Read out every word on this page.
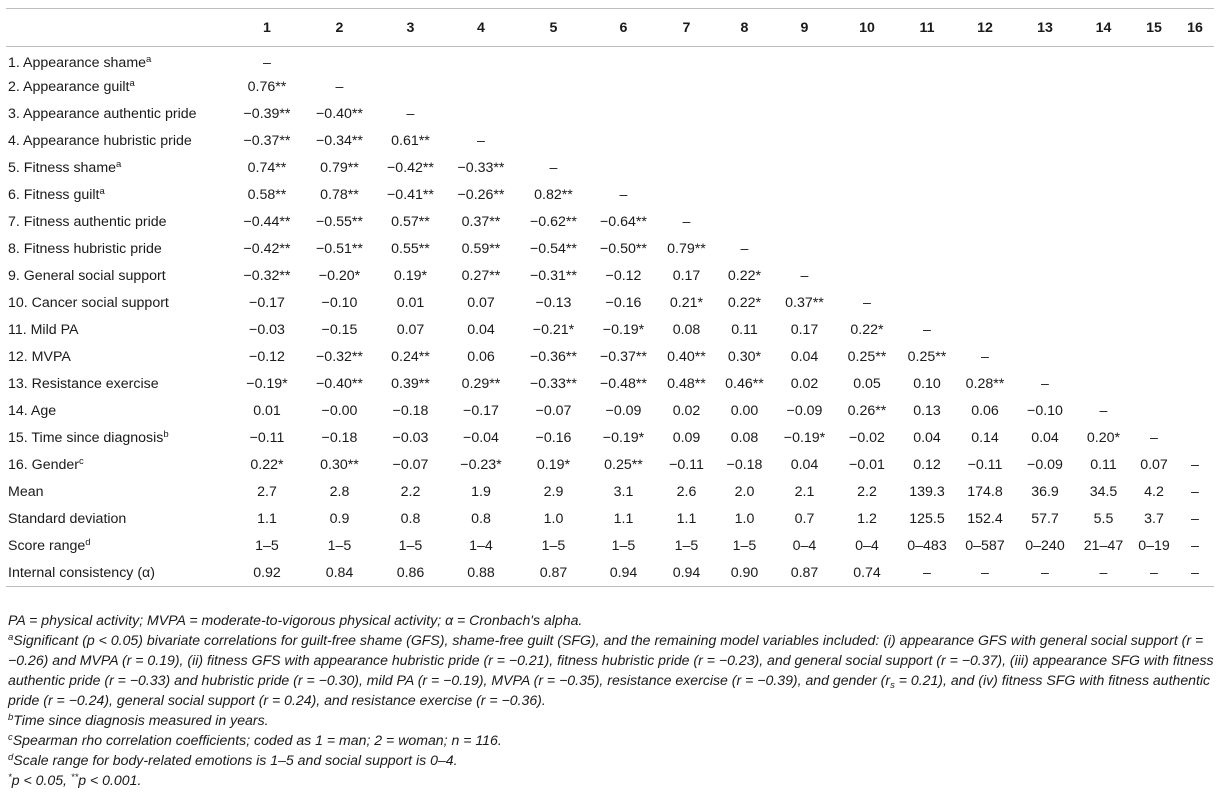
	1	2	3	4	5	6	7	8	9	10	11	12	13	14	15	16
1. Appearance shame$^a$	–															
2. Appearance guilt$^a$	0.76**	–														
3. Appearance authentic pride	−0.39**	−0.40**	–													
4. Appearance hubristic pride	−0.37**	−0.34**	0.61**	–												
5. Fitness shame$^a$	0.74**	0.79**	−0.42**	−0.33**	–											
6. Fitness guilt$^a$	0.58**	0.78**	−0.41**	−0.26**	0.82**	–										
7. Fitness authentic pride	−0.44**	−0.55**	0.57**	0.37**	−0.62**	−0.64**	–									
8. Fitness hubristic pride	−0.42**	−0.51**	0.55**	0.59**	−0.54**	−0.50**	0.79**	–								
9. General social support	−0.32**	−0.20*	0.19*	0.27**	−0.31**	−0.12	0.17	0.22*	–							
10. Cancer social support	−0.17	−0.10	0.01	0.07	−0.13	−0.16	0.21*	0.22*	0.37**	–						
11. Mild PA	−0.03	−0.15	0.07	0.04	−0.21*	−0.19*	0.08	0.11	0.17	0.22*	–					
12. MVPA	−0.12	−0.32**	0.24**	0.06	−0.36**	−0.37**	0.40**	0.30*	0.04	0.25**	0.25**	–				
13. Resistance exercise	−0.19*	−0.40**	0.39**	0.29**	−0.33**	−0.48**	0.48**	0.46**	0.02	0.05	0.10	0.28**	–			
14. Age	0.01	−0.00	−0.18	−0.17	−0.07	−0.09	0.02	0.00	−0.09	0.26**	0.13	0.06	−0.10	–		
15. Time since diagnosis$^b$	−0.11	−0.18	−0.03	−0.04	−0.16	−0.19*	0.09	0.08	−0.19*	−0.02	0.04	0.14	0.04	0.20*	–	
16. Gender$^c$	0.22*	0.30**	−0.07	−0.23*	0.19*	0.25**	−0.11	−0.18	0.04	−0.01	0.12	−0.11	−0.09	0.11	0.07	–
Mean	2.7	2.8	2.2	1.9	2.9	3.1	2.6	2.0	2.1	2.2	139.3	174.8	36.9	34.5	4.2	–
Standard deviation	1.1	0.9	0.8	0.8	1.0	1.1	1.1	1.0	0.7	1.2	125.5	152.4	57.7	5.5	3.7	–
Score range$^d$	1–5	1–5	1–5	1–4	1–5	1–5	1–5	1–5	0–4	0–4	0–483	0–587	0–240	21–47	0–19	–
Internal consistency (α)	0.92	0.84	0.86	0.88	0.87	0.94	0.94	0.90	0.87	0.74	–	–	–	–	–	–

PA = physical activity; MVPA = moderate-to-vigorous physical activity; α = Cronbach's alpha.

$^a$Significant (p < 0.05) bivariate correlations for guilt-free shame (GFS), shame-free guilt (SFG), and the remaining model variables included: (i) appearance GFS with general social support (r = −0.26) and MVPA (r = 0.19), (ii) fitness GFS with appearance hubristic pride (r = −0.21), fitness hubristic pride (r = −0.23), and general social support (r = −0.37), (iii) appearance SFG with fitness authentic pride (r = −0.33) and hubristic pride (r = −0.30), mild PA (r = −0.19), MVPA (r = −0.35), resistance exercise (r = −0.39), and gender $(r_s = 0.21)$, and (iv) fitness SFG with fitness authentic pride (r = −0.24), general social support (r = 0.24), and resistance exercise (r = −0.36).

$^b$Time since diagnosis measured in years.

$^c$Spearman rho correlation coefficients; coded as 1 = man; 2 = woman; n = 116.

$^d$Scale range for body-related emotions is 1–5 and social support is 0–4.

*p < 0.05, **p < 0.001.
